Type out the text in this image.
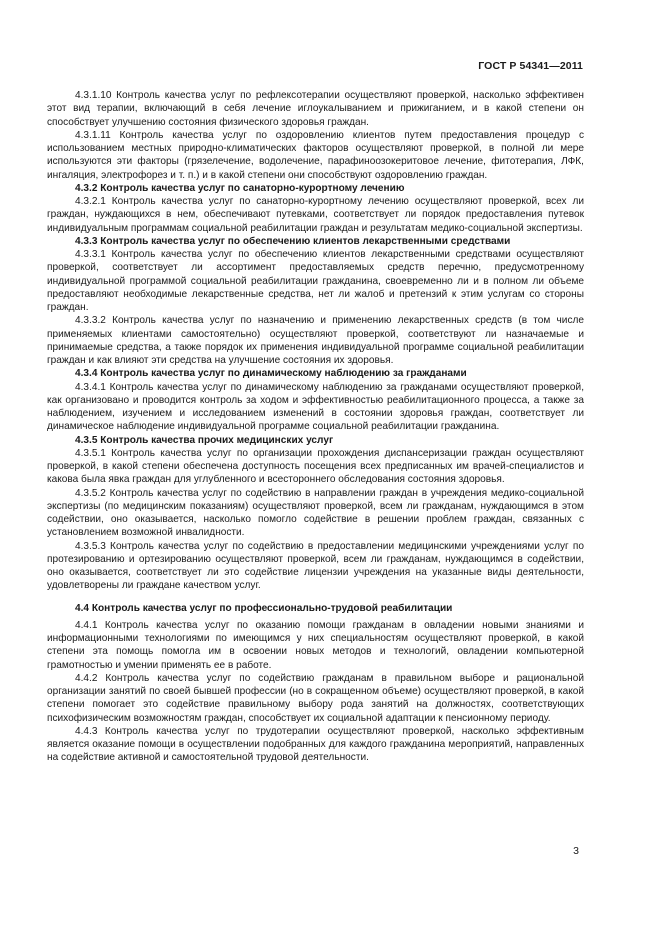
ГОСТ Р 54341—2011

4.3.1.10 Контроль качества услуг по рефлексотерапии осуществляют проверкой, насколько эффективен этот вид терапии, включающий в себя лечение иглоукалыванием и прижиганием, и в какой степени он способствует улучшению состояния физического здоровья граждан.

4.3.1.11 Контроль качества услуг по оздоровлению клиентов путем предоставления процедур с использованием местных природно-климатических факторов осуществляют проверкой, в полной ли мере используются эти факторы (грязелечение, водолечение, парафиноозокеритовое лечение, фитотерапия, ЛФК, ингаляция, электрофорез и т. п.) и в какой степени они способствуют оздоровлению граждан.

4.3.2 Контроль качества услуг по санаторно-курортному лечению

4.3.2.1 Контроль качества услуг по санаторно-курортному лечению осуществляют проверкой, всех ли граждан, нуждающихся в нем, обеспечивают путевками, соответствует ли порядок предоставления путевок индивидуальным программам социальной реабилитации граждан и результатам медико-социальной экспертизы.

4.3.3 Контроль качества услуг по обеспечению клиентов лекарственными средствами

4.3.3.1 Контроль качества услуг по обеспечению клиентов лекарственными средствами осуществляют проверкой, соответствует ли ассортимент предоставляемых средств перечню, предусмотренному индивидуальной программой социальной реабилитации гражданина, своевременно ли и в полном ли объеме предоставляют необходимые лекарственные средства, нет ли жалоб и претензий к этим услугам со стороны граждан.

4.3.3.2 Контроль качества услуг по назначению и применению лекарственных средств (в том числе применяемых клиентами самостоятельно) осуществляют проверкой, соответствуют ли назначаемые и принимаемые средства, а также порядок их применения индивидуальной программе социальной реабилитации граждан и как влияют эти средства на улучшение состояния их здоровья.

4.3.4 Контроль качества услуг по динамическому наблюдению за гражданами

4.3.4.1 Контроль качества услуг по динамическому наблюдению за гражданами осуществляют проверкой, как организовано и проводится контроль за ходом и эффективностью реабилитационного процесса, а также за наблюдением, изучением и исследованием изменений в состоянии здоровья граждан, соответствует ли динамическое наблюдение индивидуальной программе социальной реабилитации гражданина.

4.3.5 Контроль качества прочих медицинских услуг

4.3.5.1 Контроль качества услуг по организации прохождения диспансеризации граждан осуществляют проверкой, в какой степени обеспечена доступность посещения всех предписанных им врачей-специалистов и какова была явка граждан для углубленного и всестороннего обследования состояния здоровья.

4.3.5.2 Контроль качества услуг по содействию в направлении граждан в учреждения медико-социальной экспертизы (по медицинским показаниям) осуществляют проверкой, всем ли гражданам, нуждающимся в этом содействии, оно оказывается, насколько помогло содействие в решении проблем граждан, связанных с установлением возможной инвалидности.

4.3.5.3 Контроль качества услуг по содействию в предоставлении медицинскими учреждениями услуг по протезированию и ортезированию осуществляют проверкой, всем ли гражданам, нуждающимся в содействии, оно оказывается, соответствует ли это содействие лицензии учреждения на указанные виды деятельности, удовлетворены ли граждане качеством услуг.

4.4 Контроль качества услуг по профессионально-трудовой реабилитации

4.4.1 Контроль качества услуг по оказанию помощи гражданам в овладении новыми знаниями и информационными технологиями по имеющимся у них специальностям осуществляют проверкой, в какой степени эта помощь помогла им в освоении новых методов и технологий, овладении компьютерной грамотностью и умении применять ее в работе.

4.4.2 Контроль качества услуг по содействию гражданам в правильном выборе и рациональной организации занятий по своей бывшей профессии (но в сокращенном объеме) осуществляют проверкой, в какой степени помогает это содействие правильному выбору рода занятий на должностях, соответствующих психофизическим возможностям граждан, способствует их социальной адаптации к пенсионному периоду.

4.4.3 Контроль качества услуг по трудотерапии осуществляют проверкой, насколько эффективным является оказание помощи в осуществлении подобранных для каждого гражданина мероприятий, направленных на содействие активной и самостоятельной трудовой деятельности.

3
